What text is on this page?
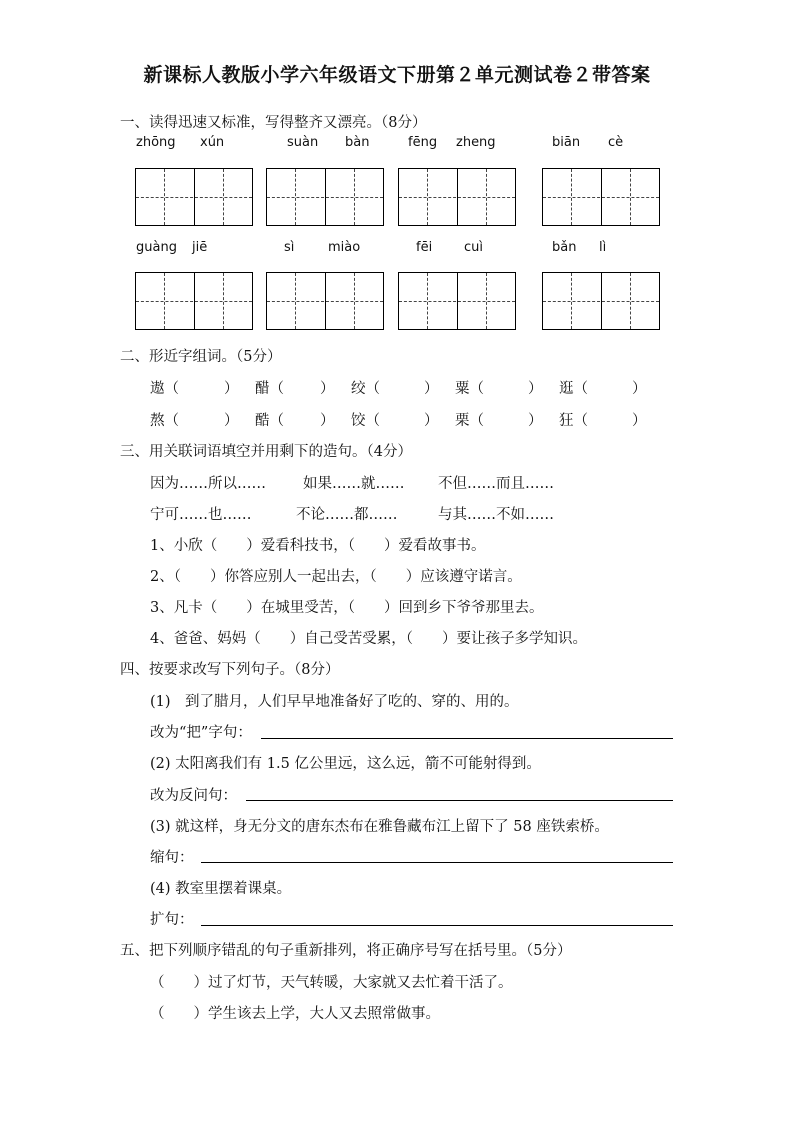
新课标人教版小学六年级语文下册第２单元测试卷２带答案
一、读得迅速又标准，写得整齐又漂亮。（8分）
zhōng xún	suàn bàn	fēng zheng	biān cè
guàng jiē	sì	miào	fēi cuì	bǎn lì
二、形近字组词。（5分）
遨（	） 醋（ ） 绞（	） 粟（	） 逛（	）
熬（	） 酷（ ） 饺（	） 栗（	） 狂（	）
三、用关联词语填空并用剩下的造句。（4分）
因为……所以……	如果……就…… 不但……而且……
宁可……也……	不论……都……	与其……不如……
1、小欣（　　）爱看科技书，（　　）爱看故事书。
2、（　　）你答应别人一起出去，（　　）应该遵守诺言。
3、凡卡（　　）在城里受苦，（　　）回到乡下爷爷那里去。
4、爸爸、妈妈（　　）自己受苦受累，（　　）要让孩子多学知识。
四、按要求改写下列句子。（8分）
(1)　到了腊月，人们早早地准备好了吃的、穿的、用的。
改为“把”字句：
(2) 太阳离我们有 1.5 亿公里远，这么远，箭不可能射得到。
改为反问句：
(3) 就这样，身无分文的唐东杰布在雅鲁藏布江上留下了 58 座铁索桥。
缩句：
(4) 教室里摆着课桌。
扩句：
五、把下列顺序错乱的句子重新排列，将正确序号写在括号里。（5分）
（　　）过了灯节，天气转暖，大家就又去忙着干活了。
（　　）学生该去上学，大人又去照常做事。
